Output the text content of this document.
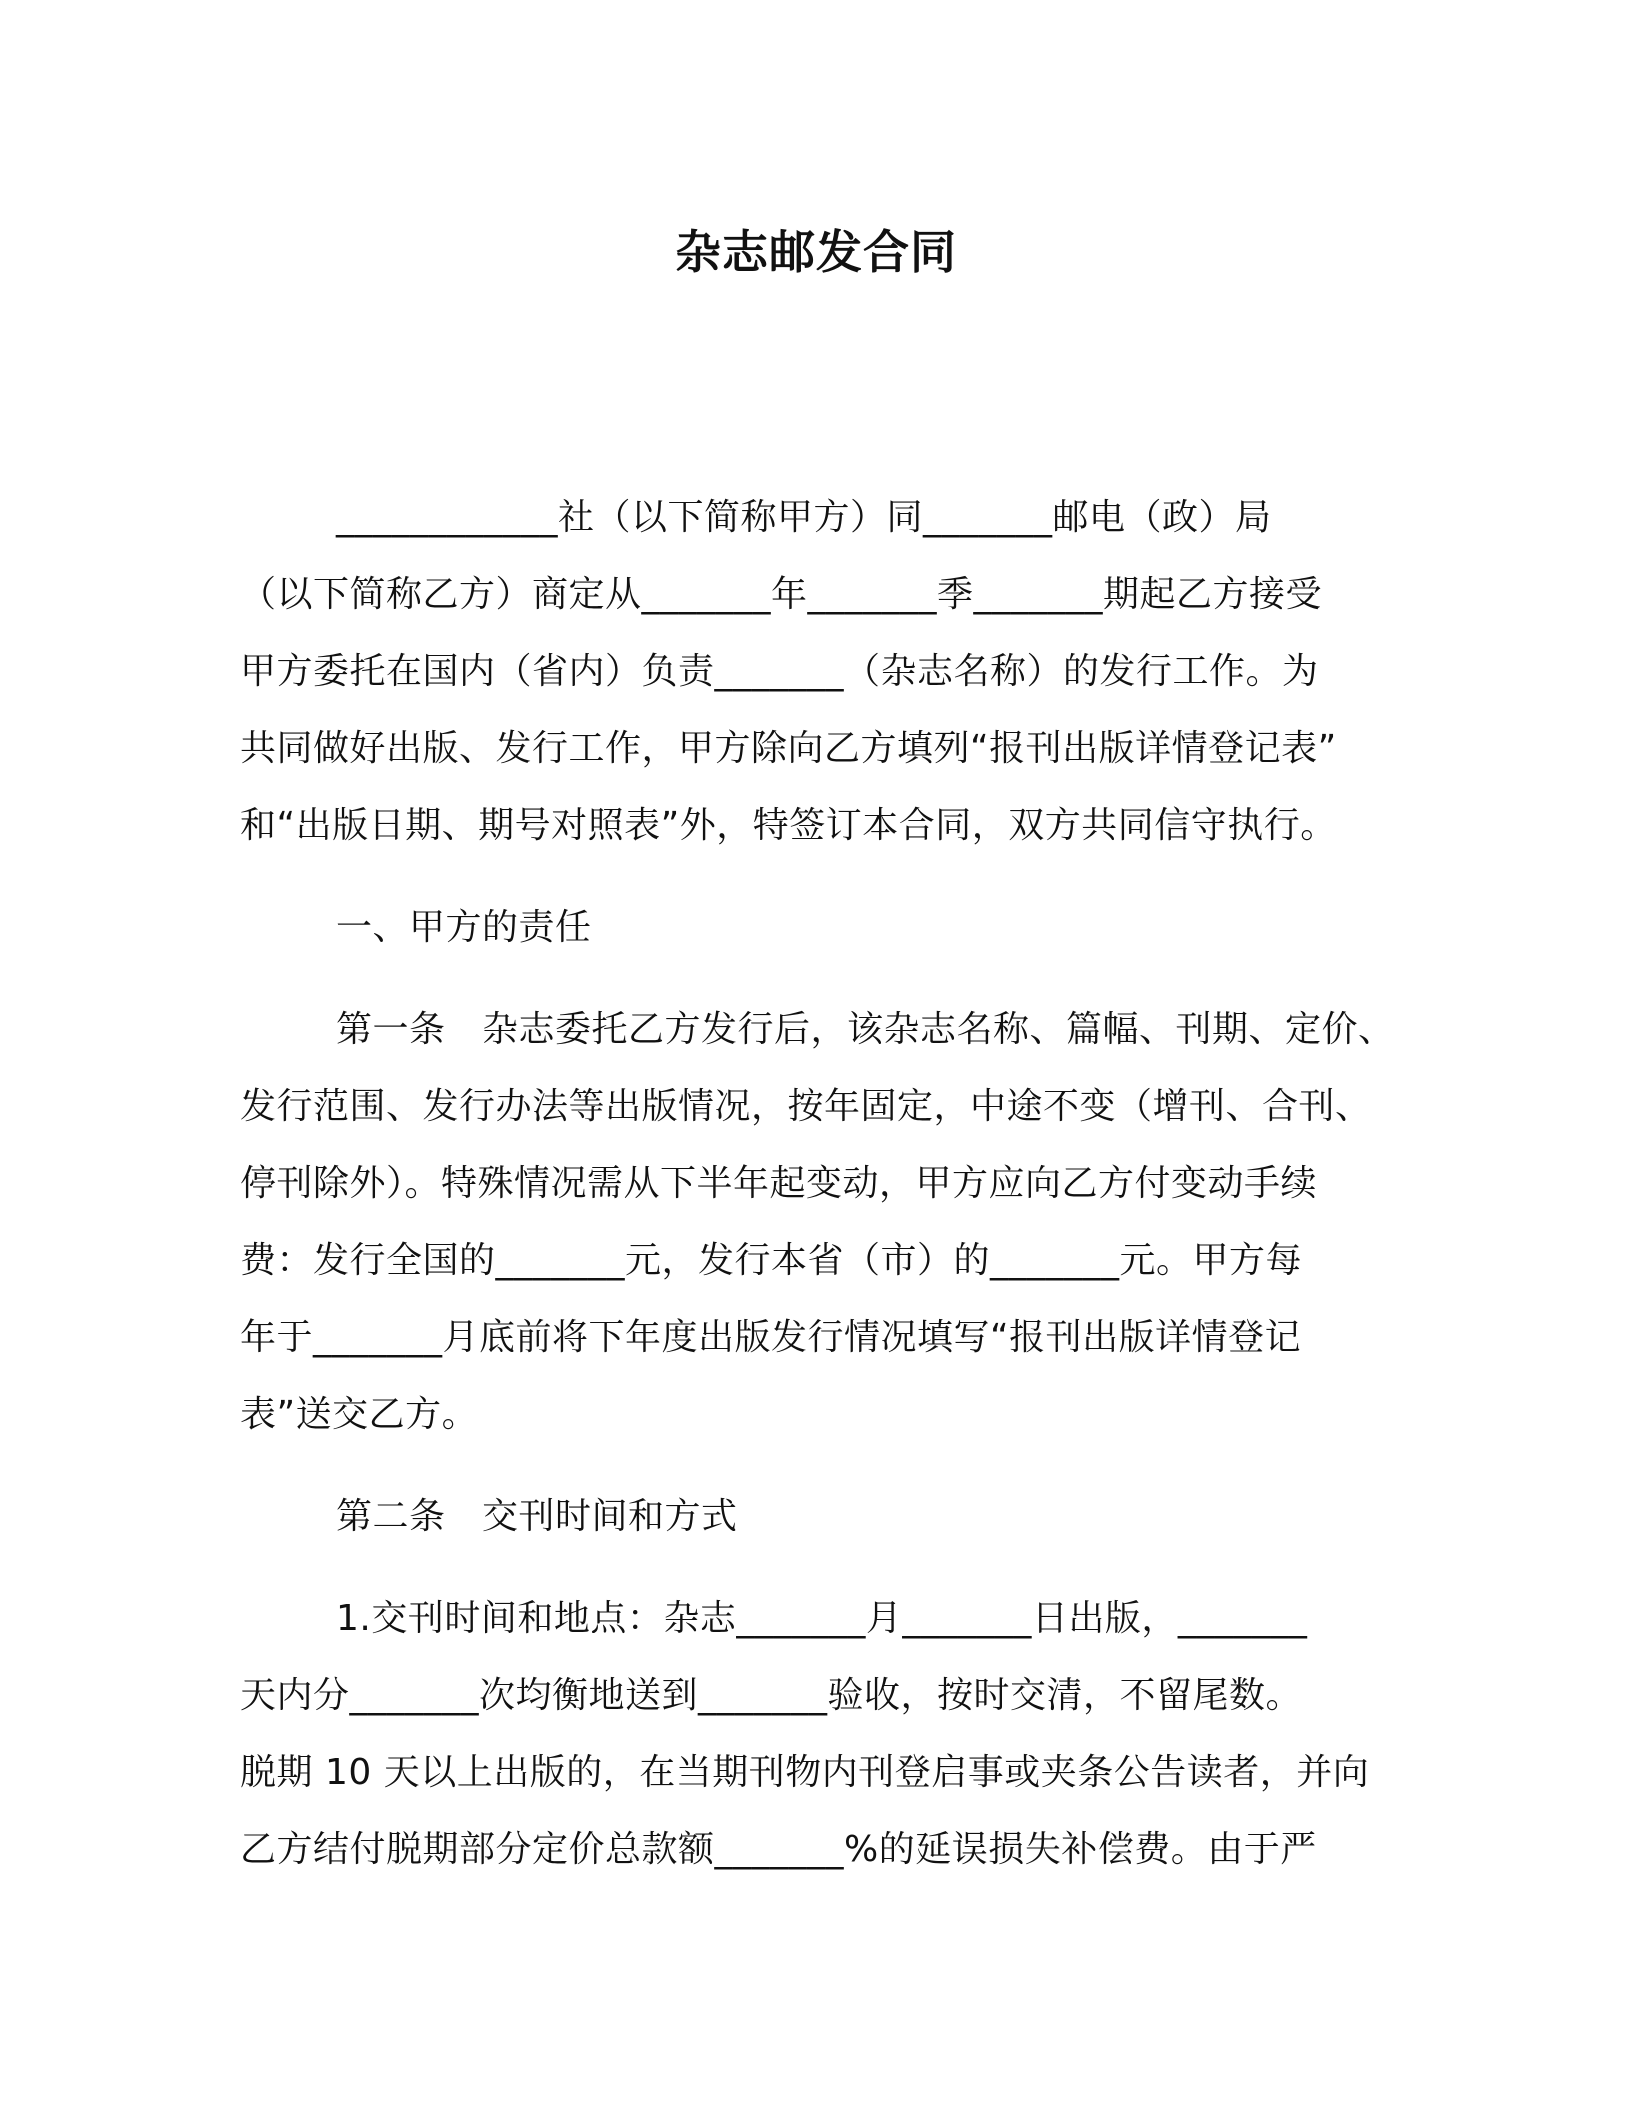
杂志邮发合同
____________社（以下简称甲方）同_______邮电（政）局
（以下简称乙方）商定从_______年_______季_______期起乙方接受
甲方委托在国内（省内）负责_______（杂志名称）的发行工作。为
共同做好出版、发行工作，甲方除向乙方填列“报刊出版详情登记表”
和“出版日期、期号对照表”外，特签订本合同，双方共同信守执行。
一、甲方的责任
第一条　杂志委托乙方发行后，该杂志名称、篇幅、刊期、定价、
发行范围、发行办法等出版情况，按年固定，中途不变（增刊、合刊、
停刊除外）。特殊情况需从下半年起变动，甲方应向乙方付变动手续
费：发行全国的_______元，发行本省（市）的_______元。甲方每
年于_______月底前将下年度出版发行情况填写“报刊出版详情登记
表”送交乙方。
第二条　交刊时间和方式
1.交刊时间和地点：杂志_______月_______日出版，_______
天内分_______次均衡地送到_______验收，按时交清，不留尾数。
脱期 10 天以上出版的，在当期刊物内刊登启事或夹条公告读者，并向
乙方结付脱期部分定价总款额_______%的延误损失补偿费。由于严
